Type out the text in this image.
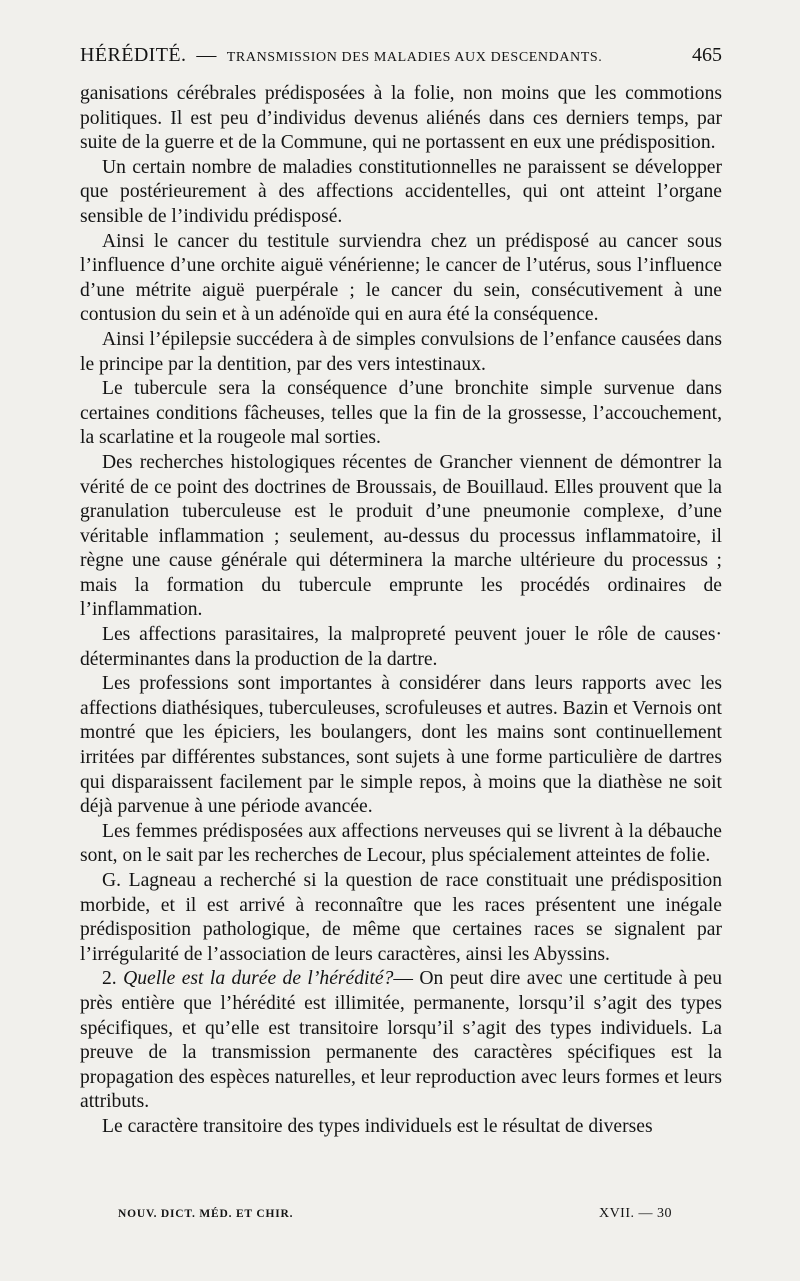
HÉRÉDITÉ. — TRANSMISSION DES MALADIES AUX DESCENDANTS.	465

ganisations cérébrales prédisposées à la folie, non moins que les commotions politiques. Il est peu d’individus devenus aliénés dans ces derniers temps, par suite de la guerre et de la Commune, qui ne portassent en eux une prédisposition.

Un certain nombre de maladies constitutionnelles ne paraissent se développer que postérieurement à des affections accidentelles, qui ont atteint l’organe sensible de l’individu prédisposé.

Ainsi le cancer du testitule surviendra chez un prédisposé au cancer sous l’influence d’une orchite aiguë vénérienne; le cancer de l’utérus, sous l’influence d’une métrite aiguë puerpérale ; le cancer du sein, consécutivement à une contusion du sein et à un adénoïde qui en aura été la conséquence.

Ainsi l’épilepsie succédera à de simples convulsions de l’enfance causées dans le principe par la dentition, par des vers intestinaux.

Le tubercule sera la conséquence d’une bronchite simple survenue dans certaines conditions fâcheuses, telles que la fin de la grossesse, l’accouchement, la scarlatine et la rougeole mal sorties.

Des recherches histologiques récentes de Grancher viennent de démontrer la vérité de ce point des doctrines de Broussais, de Bouillaud. Elles prouvent que la granulation tuberculeuse est le produit d’une pneumonie complexe, d’une véritable inflammation ; seulement, au-dessus du processus inflammatoire, il règne une cause générale qui déterminera la marche ultérieure du processus ; mais la formation du tubercule emprunte les procédés ordinaires de l’inflammation.

Les affections parasitaires, la malpropreté peuvent jouer le rôle de causes· déterminantes dans la production de la dartre.

Les professions sont importantes à considérer dans leurs rapports avec les affections diathésiques, tuberculeuses, scrofuleuses et autres. Bazin et Vernois ont montré que les épiciers, les boulangers, dont les mains sont continuellement irritées par différentes substances, sont sujets à une forme particulière de dartres qui disparaissent facilement par le simple repos, à moins que la diathèse ne soit déjà parvenue à une période avancée.

Les femmes prédisposées aux affections nerveuses qui se livrent à la débauche sont, on le sait par les recherches de Lecour, plus spécialement atteintes de folie.

G. Lagneau a recherché si la question de race constituait une prédisposition morbide, et il est arrivé à reconnaître que les races présentent une inégale prédisposition pathologique, de même que certaines races se signalent par l’irrégularité de l’association de leurs caractères, ainsi les Abyssins.

2. Quelle est la durée de l’hérédité?— On peut dire avec une certitude à peu près entière que l’hérédité est illimitée, permanente, lorsqu’il s’agit des types spécifiques, et qu’elle est transitoire lorsqu’il s’agit des types individuels. La preuve de la transmission permanente des caractères spécifiques est la propagation des espèces naturelles, et leur reproduction avec leurs formes et leurs attributs.

Le caractère transitoire des types individuels est le résultat de diverses

NOUV. DICT. MÉD. ET CHIR.	XVII. — 30
